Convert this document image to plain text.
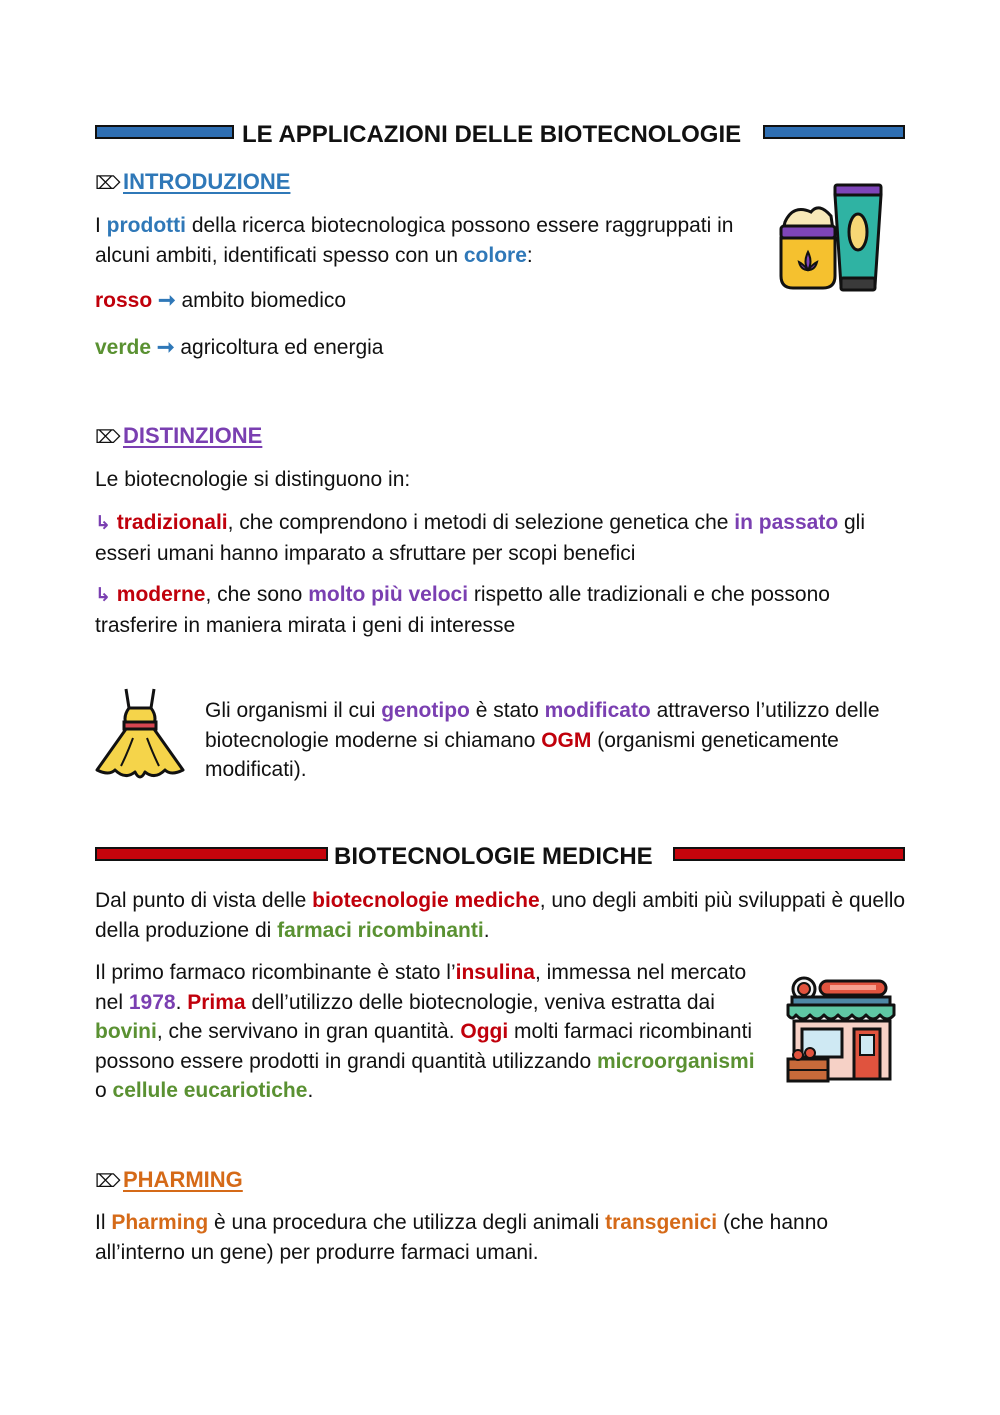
LE APPLICAZIONI DELLE BIOTECNOLOGIE
⌦ INTRODUZIONE
I prodotti della ricerca biotecnologica possono essere raggruppati in alcuni ambiti, identificati spesso con un colore:
rosso ➞ ambito biomedico
verde ➞ agricoltura ed energia
⌦ DISTINZIONE
Le biotecnologie si distinguono in:
↳ tradizionali, che comprendono i metodi di selezione genetica che in passato gli esseri umani hanno imparato a sfruttare per scopi benefici
↳ moderne, che sono molto più veloci rispetto alle tradizionali e che possono trasferire in maniera mirata i geni di interesse
Gli organismi il cui genotipo è stato modificato attraverso l’utilizzo delle biotecnologie moderne si chiamano OGM (organismi geneticamente modificati).
BIOTECNOLOGIE MEDICHE
Dal punto di vista delle biotecnologie mediche, uno degli ambiti più sviluppati è quello della produzione di farmaci ricombinanti.
Il primo farmaco ricombinante è stato l’insulina, immessa nel mercato nel 1978. Prima dell’utilizzo delle biotecnologie, veniva estratta dai bovini, che servivano in gran quantità. Oggi molti farmaci ricombinanti possono essere prodotti in grandi quantità utilizzando microorganismi o cellule eucariotiche.
⌦ PHARMING
Il Pharming è una procedura che utilizza degli animali transgenici (che hanno all’interno un gene) per produrre farmaci umani.
